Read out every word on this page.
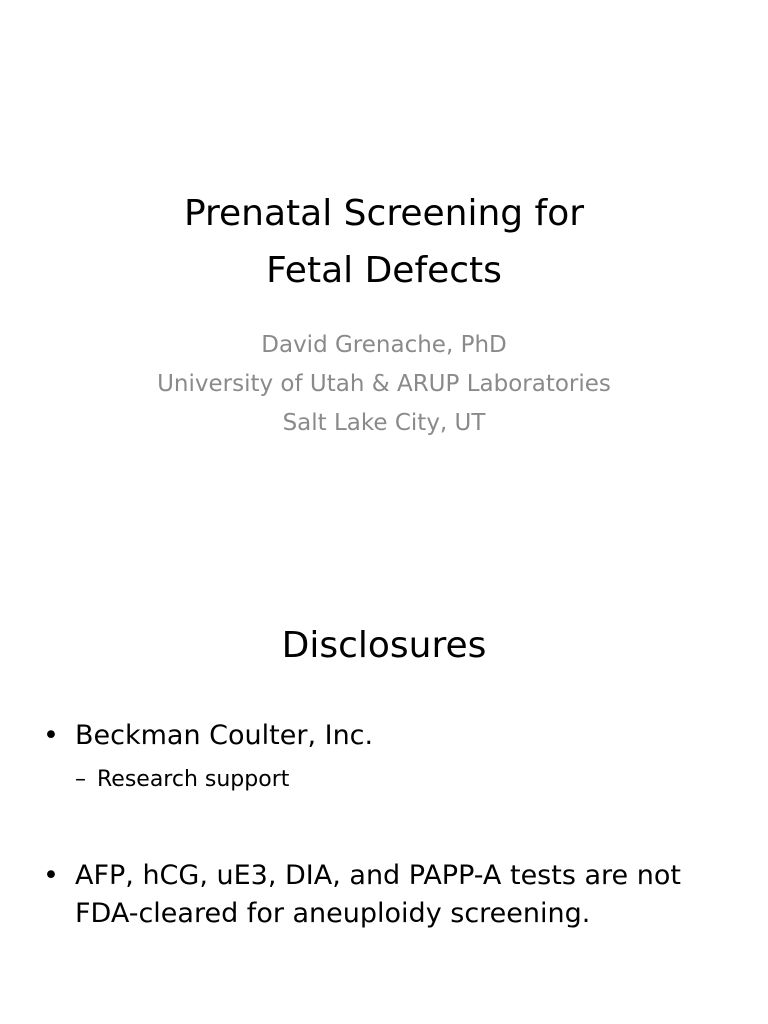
Prenatal Screening for
Fetal Defects
David Grenache, PhD
University of Utah & ARUP Laboratories
Salt Lake City, UT
Disclosures
• Beckman Coulter, Inc.
– Research support
• AFP, hCG, uE3, DIA, and PAPP-A tests are not
FDA-cleared for aneuploidy screening.
